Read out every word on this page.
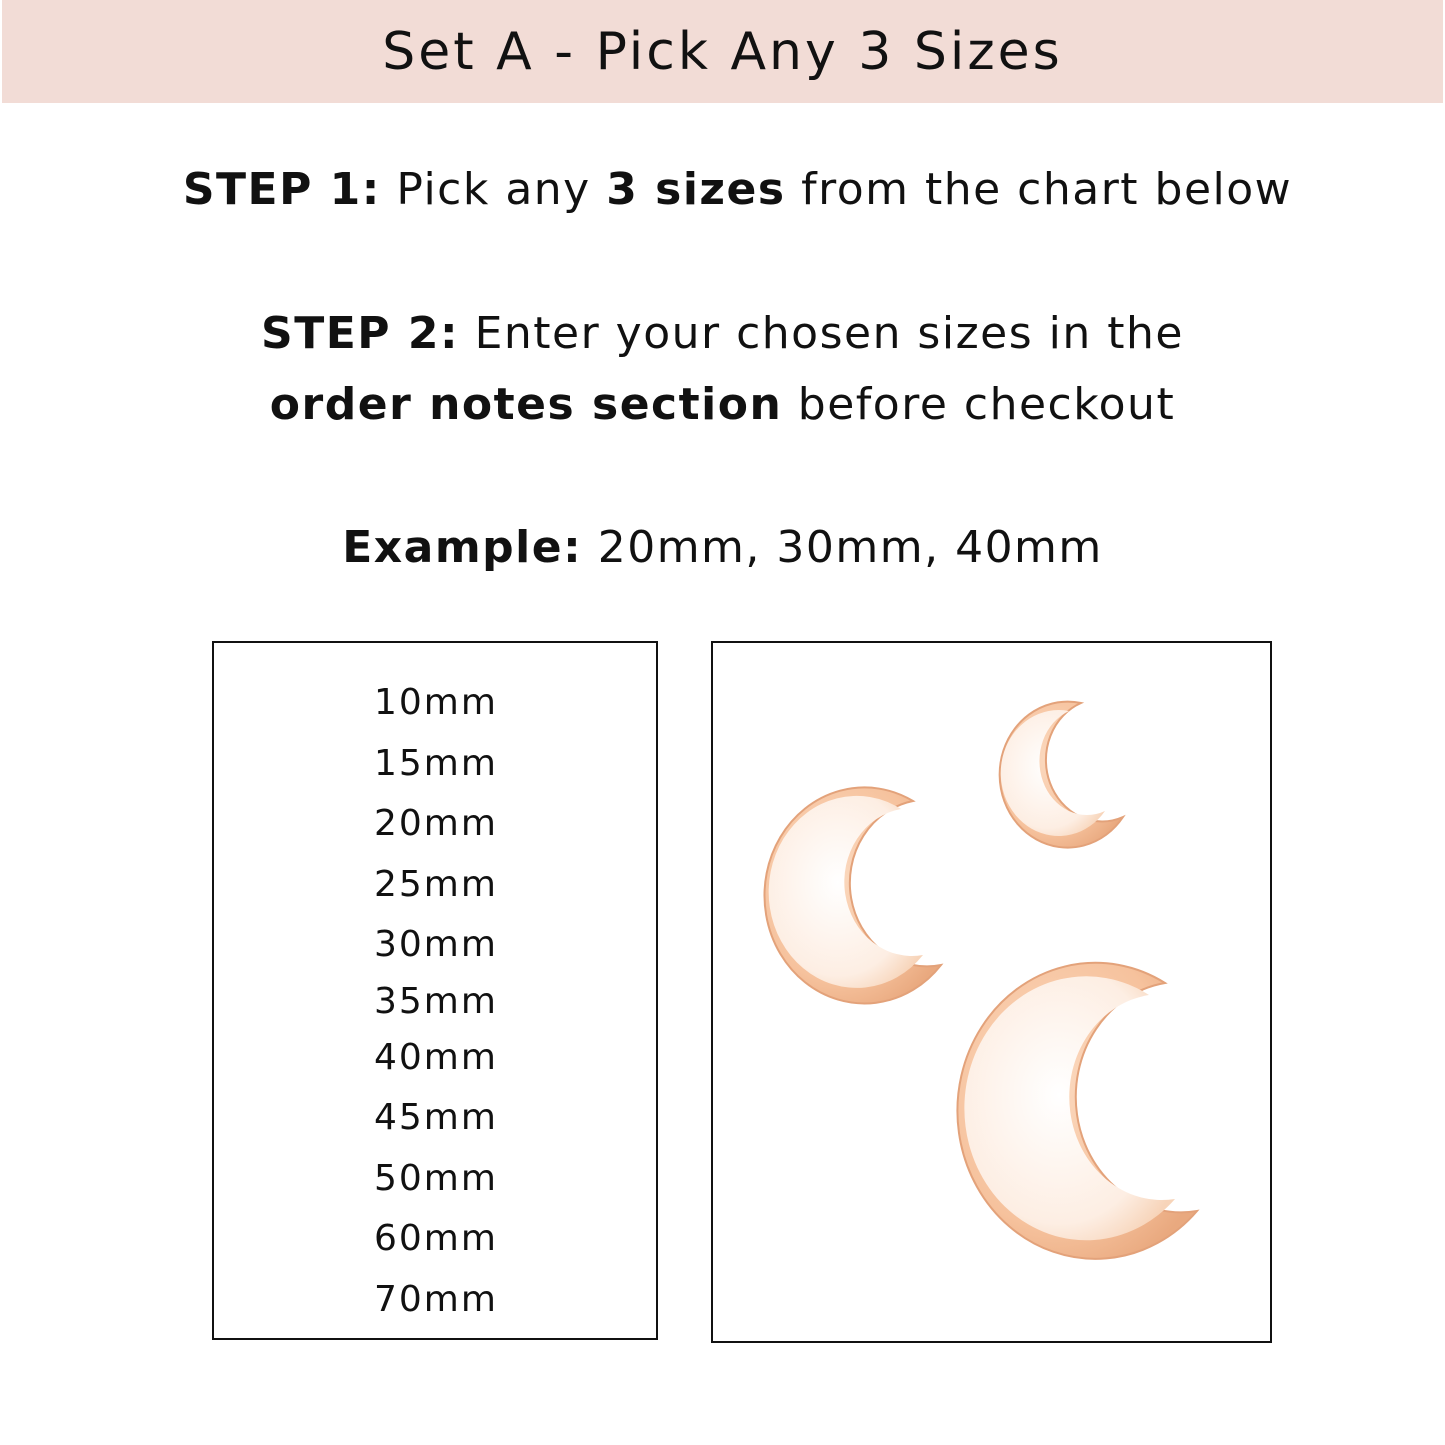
Set A - Pick Any 3 Sizes
STEP 1: Pick any 3 sizes from the chart below
STEP 2: Enter your chosen sizes in the
order notes section before checkout
Example: 20mm, 30mm, 40mm
10mm
15mm
20mm
25mm
30mm
35mm
40mm
45mm
50mm
60mm
70mm
